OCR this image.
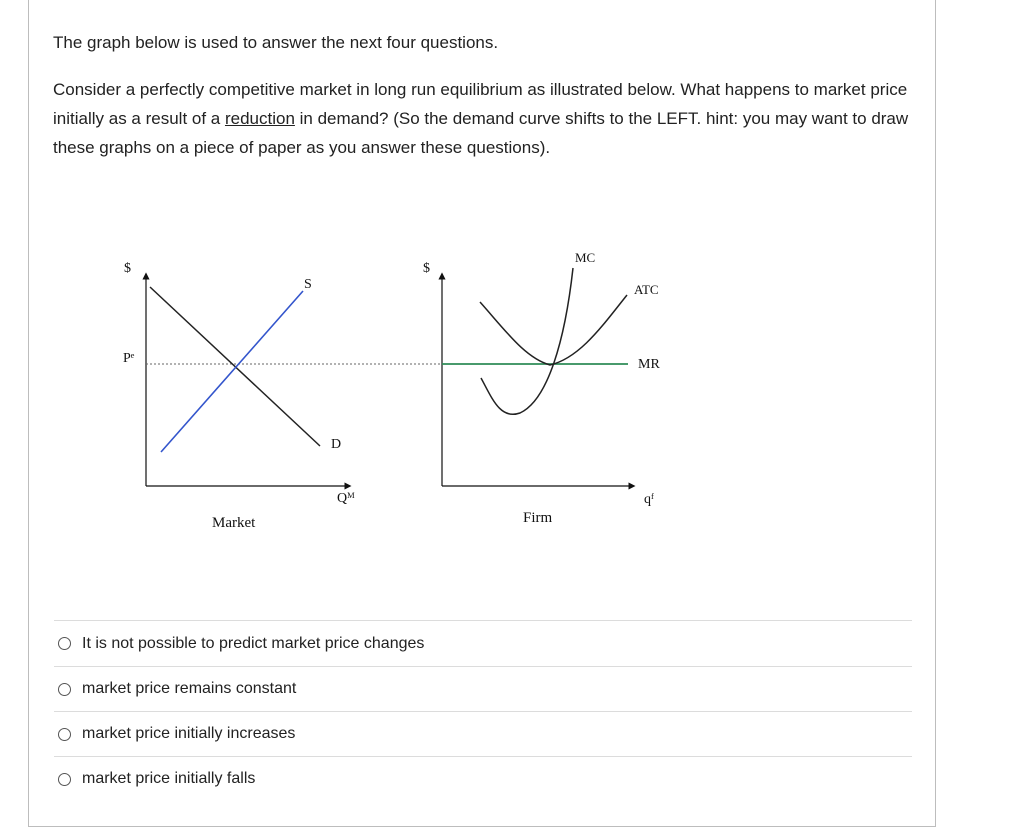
The graph below is used to answer the next four questions.

Consider a perfectly competitive market in long run equilibrium as illustrated below. What happens to market price initially as a result of a reduction in demand? (So the demand curve shifts to the LEFT. hint: you may want to draw these graphs on a piece of paper as you answer these questions).

$
Pᵉ
S
D
Qᴹ
Market
$
MC
ATC
MR
qᶠ
Firm
It is not possible to predict market price changes
market price remains constant
market price initially increases
market price initially falls
